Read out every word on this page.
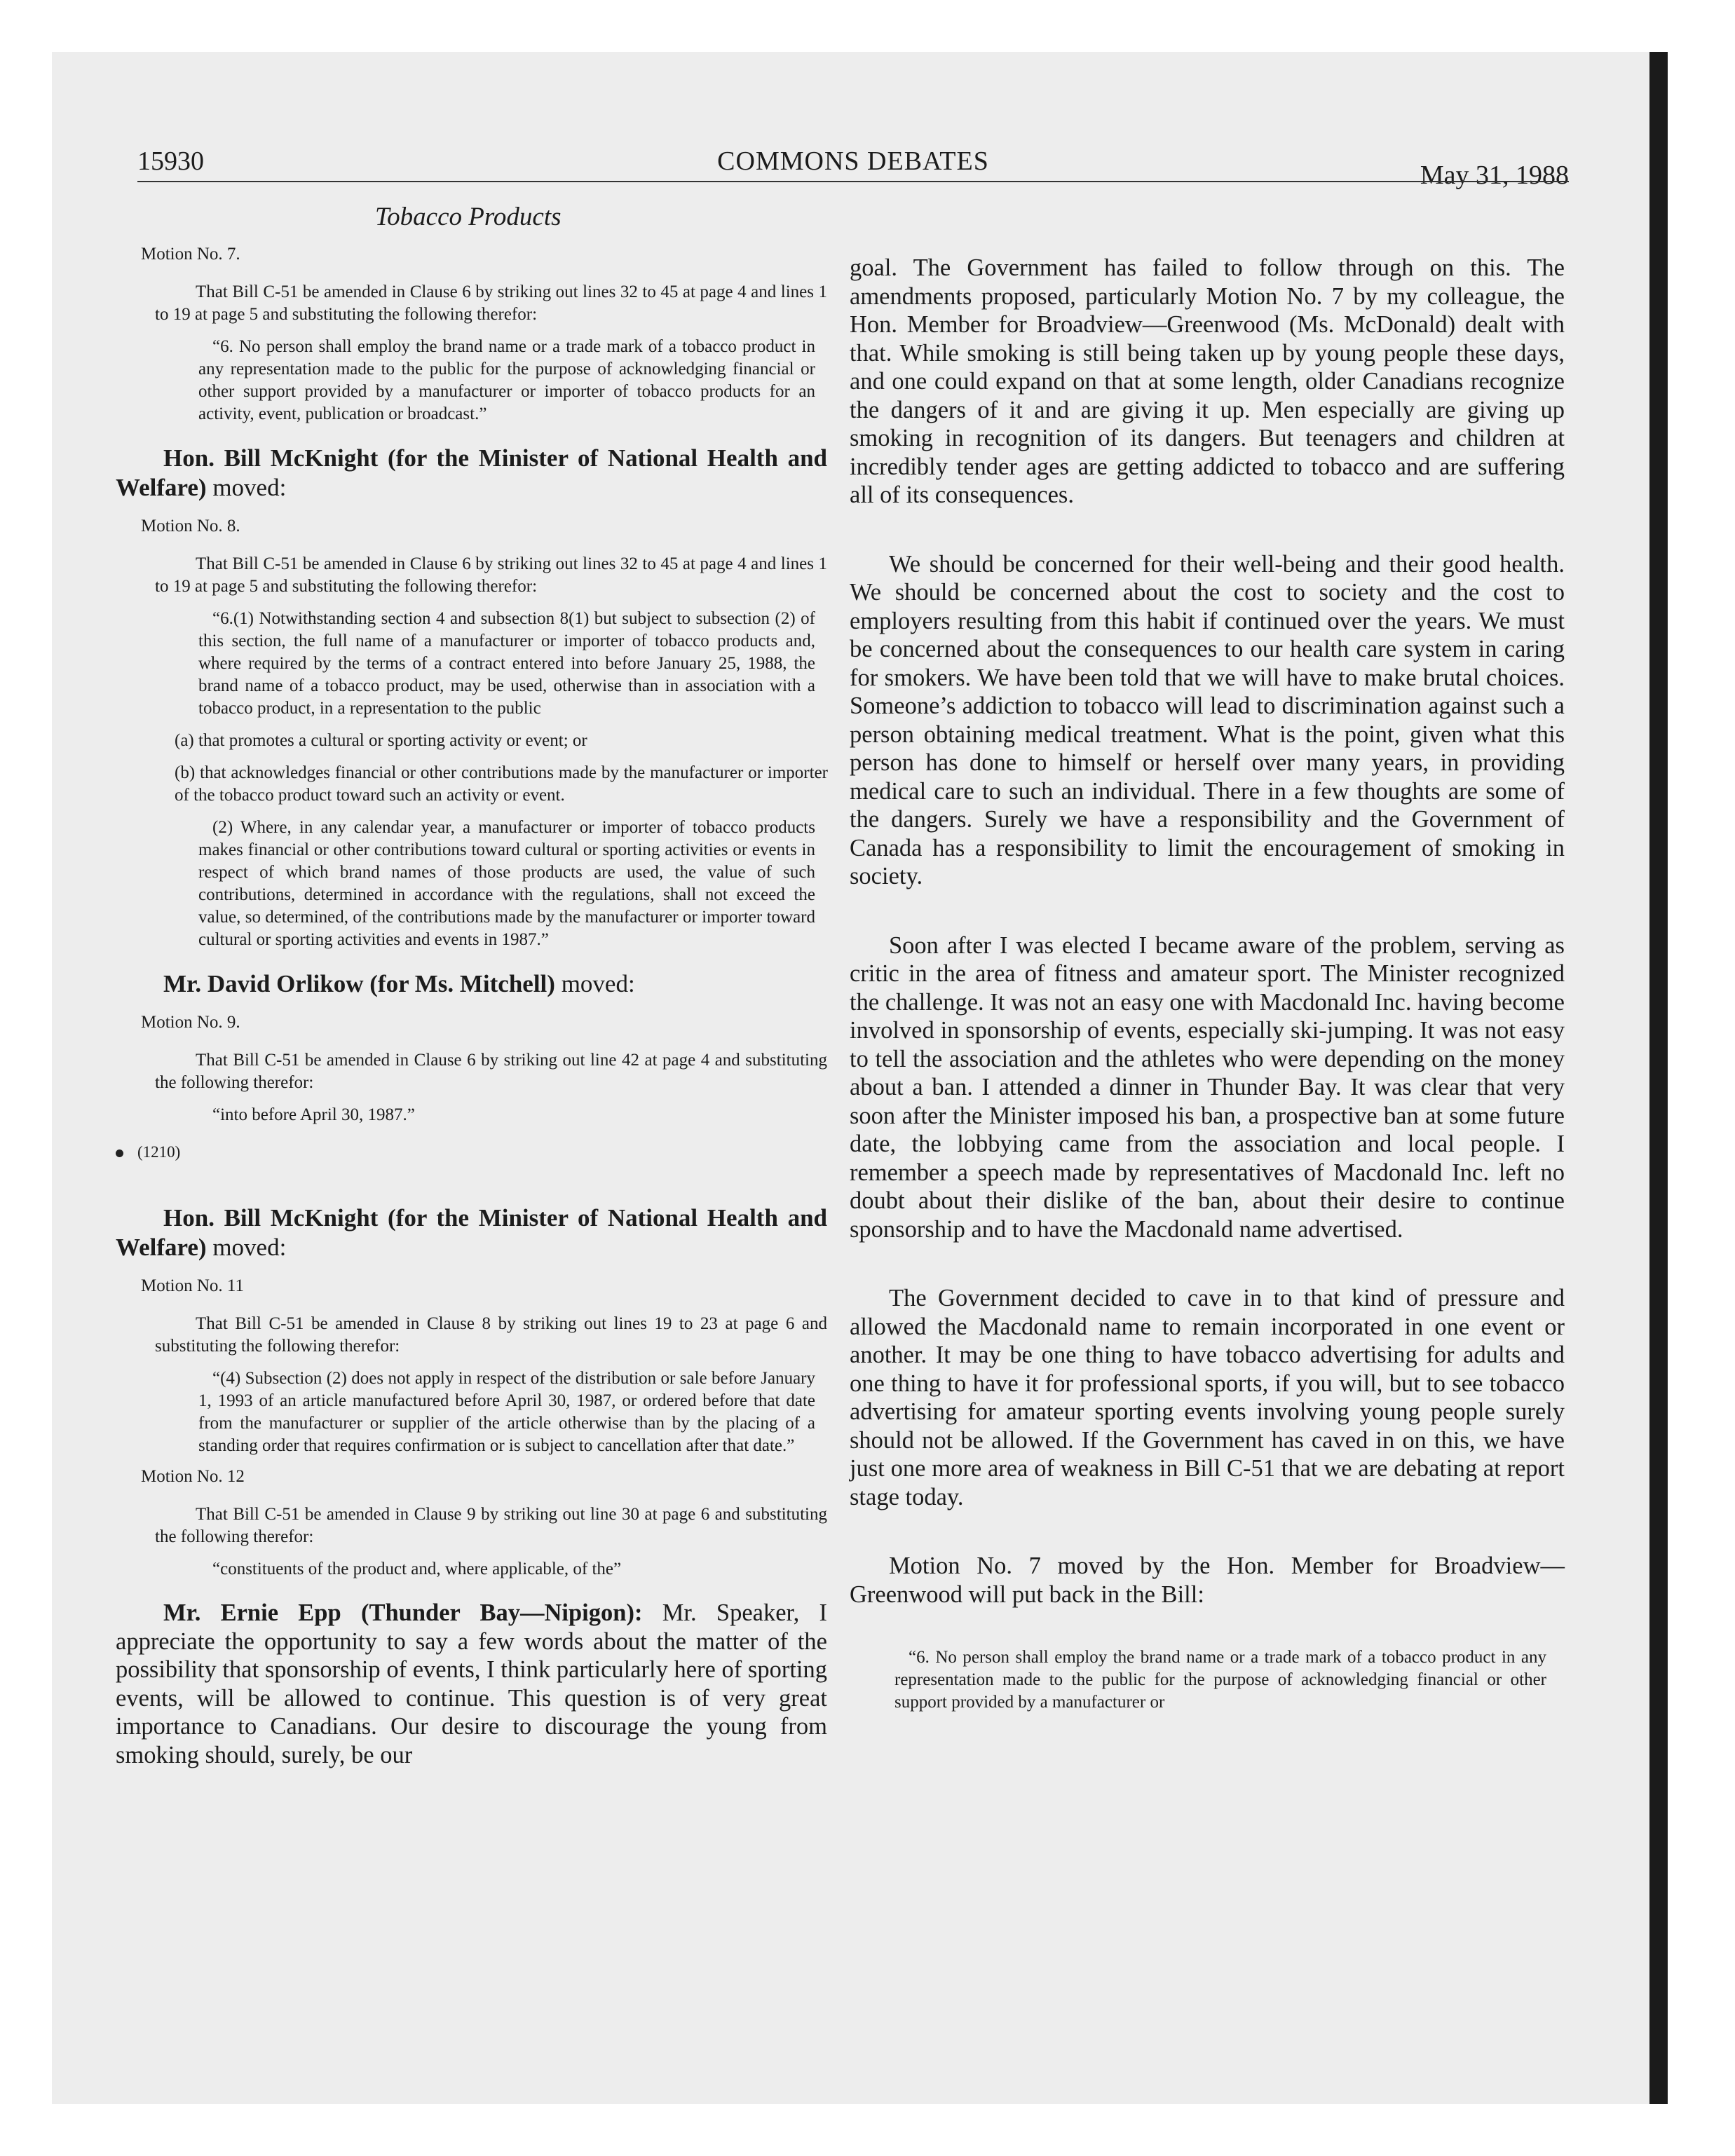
15930	COMMONS DEBATES	May 31, 1988
Tobacco Products
Motion No. 7.

That Bill C-51 be amended in Clause 6 by striking out lines 32 to 45 at page 4 and lines 1 to 19 at page 5 and substituting the following therefor:

“6. No person shall employ the brand name or a trade mark of a tobacco product in any representation made to the public for the purpose of acknowledging financial or other support provided by a manufacturer or importer of tobacco products for an activity, event, publication or broadcast.”

Hon. Bill McKnight (for the Minister of National Health and Welfare) moved:

Motion No. 8.

That Bill C-51 be amended in Clause 6 by striking out lines 32 to 45 at page 4 and lines 1 to 19 at page 5 and substituting the following therefor:

“6.(1) Notwithstanding section 4 and subsection 8(1) but subject to subsection (2) of this section, the full name of a manufacturer or importer of tobacco products and, where required by the terms of a contract entered into before January 25, 1988, the brand name of a tobacco product, may be used, otherwise than in association with a tobacco product, in a representation to the public

(a) that promotes a cultural or sporting activity or event; or

(b) that acknowledges financial or other contributions made by the manufacturer or importer of the tobacco product toward such an activity or event.

(2) Where, in any calendar year, a manufacturer or importer of tobacco products makes financial or other contributions toward cultural or sporting activities or events in respect of which brand names of those products are used, the value of such contributions, determined in accordance with the regulations, shall not exceed the value, so determined, of the contributions made by the manufacturer or importer toward cultural or sporting activities and events in 1987.”

Mr. David Orlikow (for Ms. Mitchell) moved:

Motion No. 9.

That Bill C-51 be amended in Clause 6 by striking out line 42 at page 4 and substituting the following therefor:

“into before April 30, 1987.”

(1210)

Hon. Bill McKnight (for the Minister of National Health and Welfare) moved:

Motion No. 11

That Bill C-51 be amended in Clause 8 by striking out lines 19 to 23 at page 6 and substituting the following therefor:

“(4) Subsection (2) does not apply in respect of the distribution or sale before January 1, 1993 of an article manufactured before April 30, 1987, or ordered before that date from the manufacturer or supplier of the article otherwise than by the placing of a standing order that requires confirmation or is subject to cancellation after that date.”

Motion No. 12

That Bill C-51 be amended in Clause 9 by striking out line 30 at page 6 and substituting the following therefor:

“constituents of the product and, where applicable, of the”

Mr. Ernie Epp (Thunder Bay—Nipigon): Mr. Speaker, I appreciate the opportunity to say a few words about the matter of the possibility that sponsorship of events, I think particularly here of sporting events, will be allowed to continue. This question is of very great importance to Canadians. Our desire to discourage the young from smoking should, surely, be our

goal. The Government has failed to follow through on this. The amendments proposed, particularly Motion No. 7 by my colleague, the Hon. Member for Broadview—Greenwood (Ms. McDonald) dealt with that. While smoking is still being taken up by young people these days, and one could expand on that at some length, older Canadians recognize the dangers of it and are giving it up. Men especially are giving up smoking in recognition of its dangers. But teenagers and children at incredibly tender ages are getting addicted to tobacco and are suffering all of its consequences.

We should be concerned for their well-being and their good health. We should be concerned about the cost to society and the cost to employers resulting from this habit if continued over the years. We must be concerned about the consequences to our health care system in caring for smokers. We have been told that we will have to make brutal choices. Someone’s addiction to tobacco will lead to discrimination against such a person obtaining medical treatment. What is the point, given what this person has done to himself or herself over many years, in providing medical care to such an individual. There in a few thoughts are some of the dangers. Surely we have a responsibility and the Government of Canada has a responsibility to limit the encouragement of smoking in society.

Soon after I was elected I became aware of the problem, serving as critic in the area of fitness and amateur sport. The Minister recognized the challenge. It was not an easy one with Macdonald Inc. having become involved in sponsorship of events, especially ski-jumping. It was not easy to tell the association and the athletes who were depending on the money about a ban. I attended a dinner in Thunder Bay. It was clear that very soon after the Minister imposed his ban, a prospective ban at some future date, the lobbying came from the association and local people. I remember a speech made by representatives of Macdonald Inc. left no doubt about their dislike of the ban, about their desire to continue sponsorship and to have the Macdonald name advertised.

The Government decided to cave in to that kind of pressure and allowed the Macdonald name to remain incorporated in one event or another. It may be one thing to have tobacco advertising for adults and one thing to have it for professional sports, if you will, but to see tobacco advertising for amateur sporting events involving young people surely should not be allowed. If the Government has caved in on this, we have just one more area of weakness in Bill C-51 that we are debating at report stage today.

Motion No. 7 moved by the Hon. Member for Broadview—Greenwood will put back in the Bill:

“6. No person shall employ the brand name or a trade mark of a tobacco product in any representation made to the public for the purpose of acknowledging financial or other support provided by a manufacturer or
